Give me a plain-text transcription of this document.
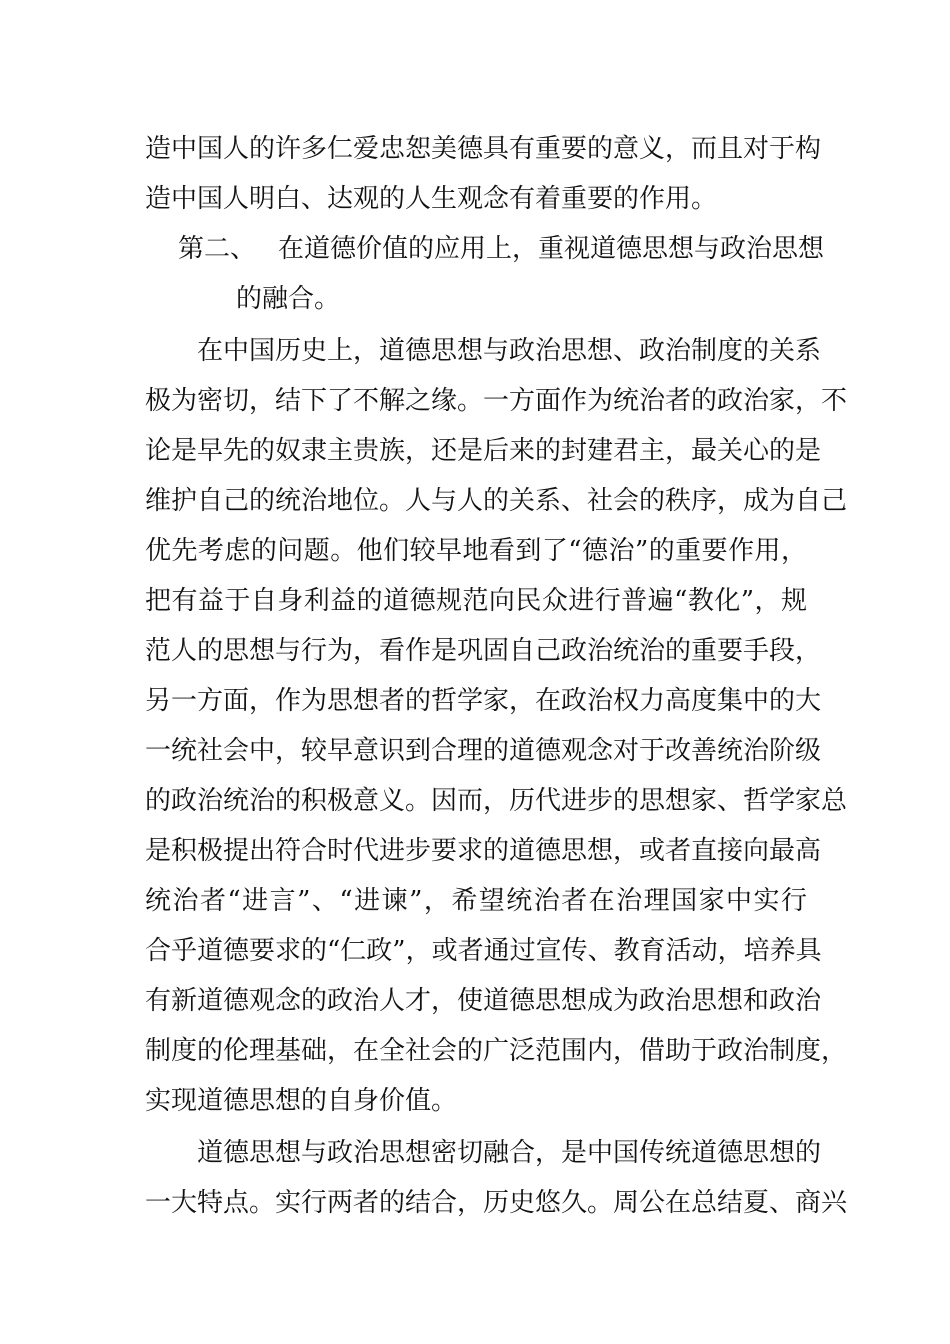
造中国人的许多仁爱忠恕美德具有重要的意义，而且对于构
造中国人明白、达观的人生观念有着重要的作用。
第二、 在道德价值的应用上，重视道德思想与政治思想
的融合。
在中国历史上，道德思想与政治思想、政治制度的关系
极为密切，结下了不解之缘。一方面作为统治者的政治家，不
论是早先的奴隶主贵族，还是后来的封建君主，最关心的是
维护自己的统治地位。人与人的关系、社会的秩序，成为自己
优先考虑的问题。他们较早地看到了“德治”的重要作用，
把有益于自身利益的道德规范向民众进行普遍“教化”，规
范人的思想与行为，看作是巩固自己政治统治的重要手段，
另一方面，作为思想者的哲学家，在政治权力高度集中的大
一统社会中，较早意识到合理的道德观念对于改善统治阶级
的政治统治的积极意义。因而，历代进步的思想家、哲学家总
是积极提出符合时代进步要求的道德思想，或者直接向最高
统治者“进言”、“进谏”，希望统治者在治理国家中实行
合乎道德要求的“仁政”，或者通过宣传、教育活动，培养具
有新道德观念的政治人才，使道德思想成为政治思想和政治
制度的伦理基础，在全社会的广泛范围内，借助于政治制度，
实现道德思想的自身价值。
道德思想与政治思想密切融合，是中国传统道德思想的
一大特点。实行两者的结合，历史悠久。周公在总结夏、商兴
